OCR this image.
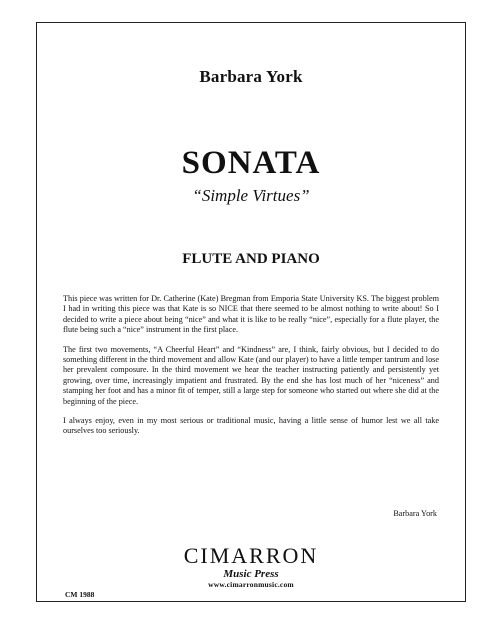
Barbara York
SONATA
“Simple Virtues”
FLUTE AND PIANO

This piece was written for Dr. Catherine (Kate) Bregman from Emporia State University KS. The biggest problem I had in writing this piece was that Kate is so NICE that there seemed to be almost nothing to write about! So I decided to write a piece about being “nice” and what it is like to be really “nice”, especially for a flute player, the flute being such a “nice” instrument in the first place.

The first two movements, “A Cheerful Heart” and “Kindness” are, I think, fairly obvious, but I decided to do something different in the third movement and allow Kate (and our player) to have a little temper tantrum and lose her prevalent composure. In the third movement we hear the teacher instructing patiently and persistently yet growing, over time, increasingly impatient and frustrated. By the end she has lost much of her “niceness” and stamping her foot and has a minor fit of temper, still a large step for someone who started out where she did at the beginning of the piece.

I always enjoy, even in my most serious or traditional music, having a little sense of humor lest we all take ourselves too seriously.

Barbara York
CIMARRON
Music Press
www.cimarronmusic.com
CM 1988
